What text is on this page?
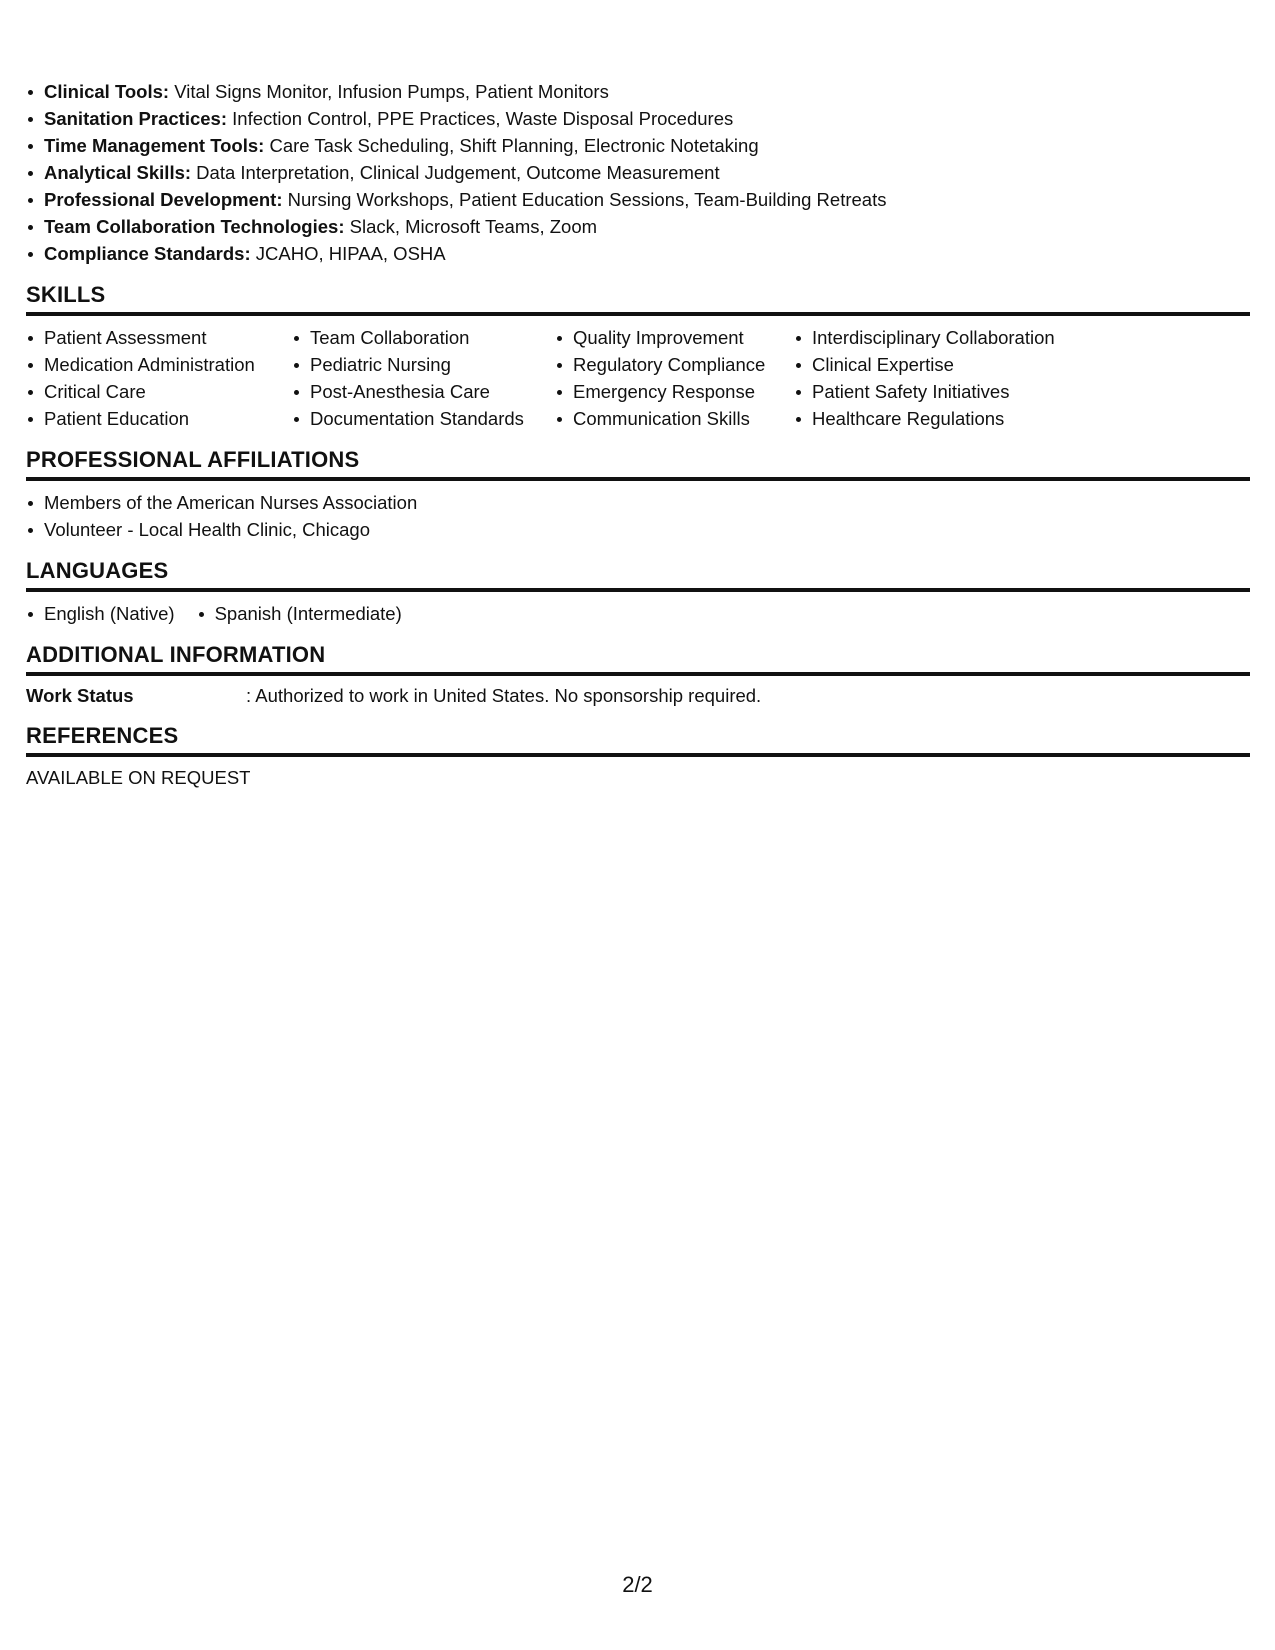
Clinical Tools: Vital Signs Monitor, Infusion Pumps, Patient Monitors
Sanitation Practices: Infection Control, PPE Practices, Waste Disposal Procedures
Time Management Tools: Care Task Scheduling, Shift Planning, Electronic Notetaking
Analytical Skills: Data Interpretation, Clinical Judgement, Outcome Measurement
Professional Development: Nursing Workshops, Patient Education Sessions, Team-Building Retreats
Team Collaboration Technologies: Slack, Microsoft Teams, Zoom
Compliance Standards: JCAHO, HIPAA, OSHA
SKILLS
Patient Assessment
Medication Administration
Critical Care
Patient Education
Team Collaboration
Pediatric Nursing
Post-Anesthesia Care
Documentation Standards
Quality Improvement
Regulatory Compliance
Emergency Response
Communication Skills
Interdisciplinary Collaboration
Clinical Expertise
Patient Safety Initiatives
Healthcare Regulations
PROFESSIONAL AFFILIATIONS
Members of the American Nurses Association
Volunteer - Local Health Clinic, Chicago
LANGUAGES
English (Native)	Spanish (Intermediate)
ADDITIONAL INFORMATION
Work Status	: Authorized to work in United States. No sponsorship required.
REFERENCES
AVAILABLE ON REQUEST
2/2
